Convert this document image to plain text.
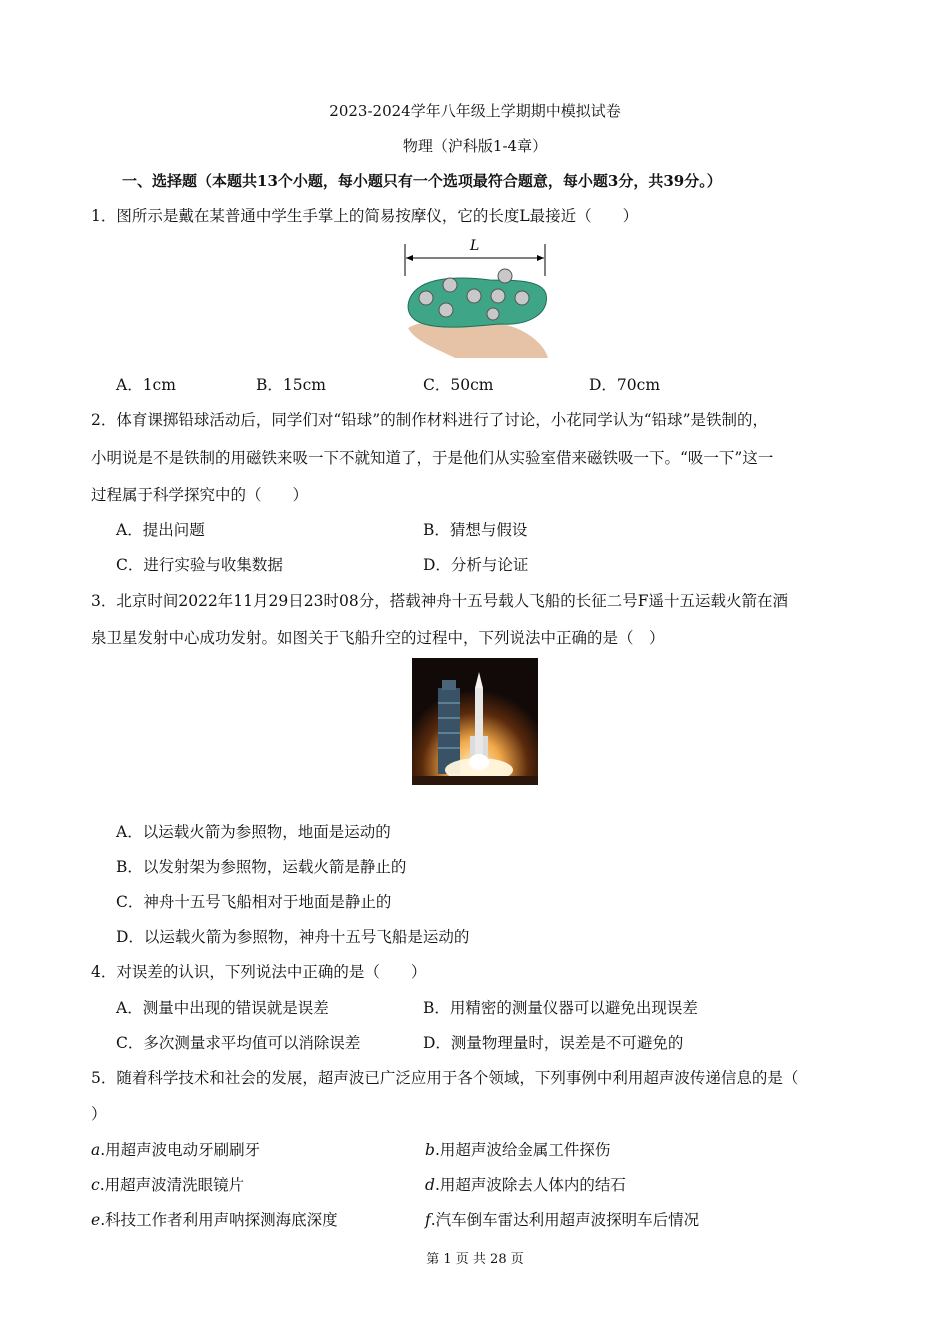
2023-2024学年八年级上学期期中模拟试卷
物理（沪科版1-4章）
一、选择题（本题共13个小题，每小题只有一个选项最符合题意，每小题3分，共39分。）
1．图所示是戴在某普通中学生手掌上的简易按摩仪，它的长度L最接近（　　）
L
A．1cm	B．15cm	C．50cm	D．70cm
2．体育课掷铅球活动后，同学们对“铅球”的制作材料进行了讨论，小花同学认为“铅球”是铁制的，
小明说是不是铁制的用磁铁来吸一下不就知道了，于是他们从实验室借来磁铁吸一下。“吸一下”这一
过程属于科学探究中的（　　）
A．提出问题	B．猜想与假设
C．进行实验与收集数据	D．分析与论证
3．北京时间2022年11月29日23时08分，搭载神舟十五号载人飞船的长征二号F遥十五运载火箭在酒
泉卫星发射中心成功发射。如图关于飞船升空的过程中，下列说法中正确的是（　）
A．以运载火箭为参照物，地面是运动的
B．以发射架为参照物，运载火箭是静止的
C．神舟十五号飞船相对于地面是静止的
D．以运载火箭为参照物，神舟十五号飞船是运动的
4．对误差的认识，下列说法中正确的是（　　）
A．测量中出现的错误就是误差	B．用精密的测量仪器可以避免出现误差
C．多次测量求平均值可以消除误差	D．测量物理量时，误差是不可避免的
5．随着科学技术和社会的发展，超声波已广泛应用于各个领域，下列事例中利用超声波传递信息的是（
）
a.用超声波电动牙刷刷牙	b.用超声波给金属工件探伤
c.用超声波清洗眼镜片	d.用超声波除去人体内的结石
e.科技工作者利用声呐探测海底深度	f.汽车倒车雷达利用超声波探明车后情况
第 1 页 共 28 页
